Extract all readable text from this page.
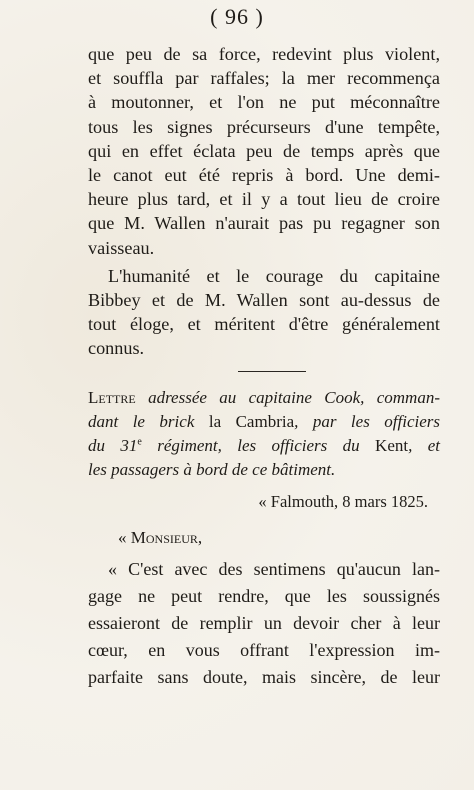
( 96 )
que peu de sa force, redevint plus violent,
et souffla par raffales; la mer recommença
à moutonner, et l'on ne put méconnaître
tous les signes précurseurs d'une tempête,
qui en effet éclata peu de temps après que
le canot eut été repris à bord. Une demi-
heure plus tard, et il y a tout lieu de croire
que M. Wallen n'aurait pas pu regagner son
vaisseau.
L'humanité et le courage du capitaine
Bibbey et de M. Wallen sont au-dessus de
tout éloge, et méritent d'être généralement
connus.
Lettre adressée au capitaine Cook, comman-
dant le brick la Cambria, par les officiers
du 31e régiment, les officiers du Kent, et
les passagers à bord de ce bâtiment.
« Falmouth, 8 mars 1825.
« Monsieur,
« C'est avec des sentimens qu'aucun lan-
gage ne peut rendre, que les soussignés
essaieront de remplir un devoir cher à leur
cœur, en vous offrant l'expression im-
parfaite sans doute, mais sincère, de leur
